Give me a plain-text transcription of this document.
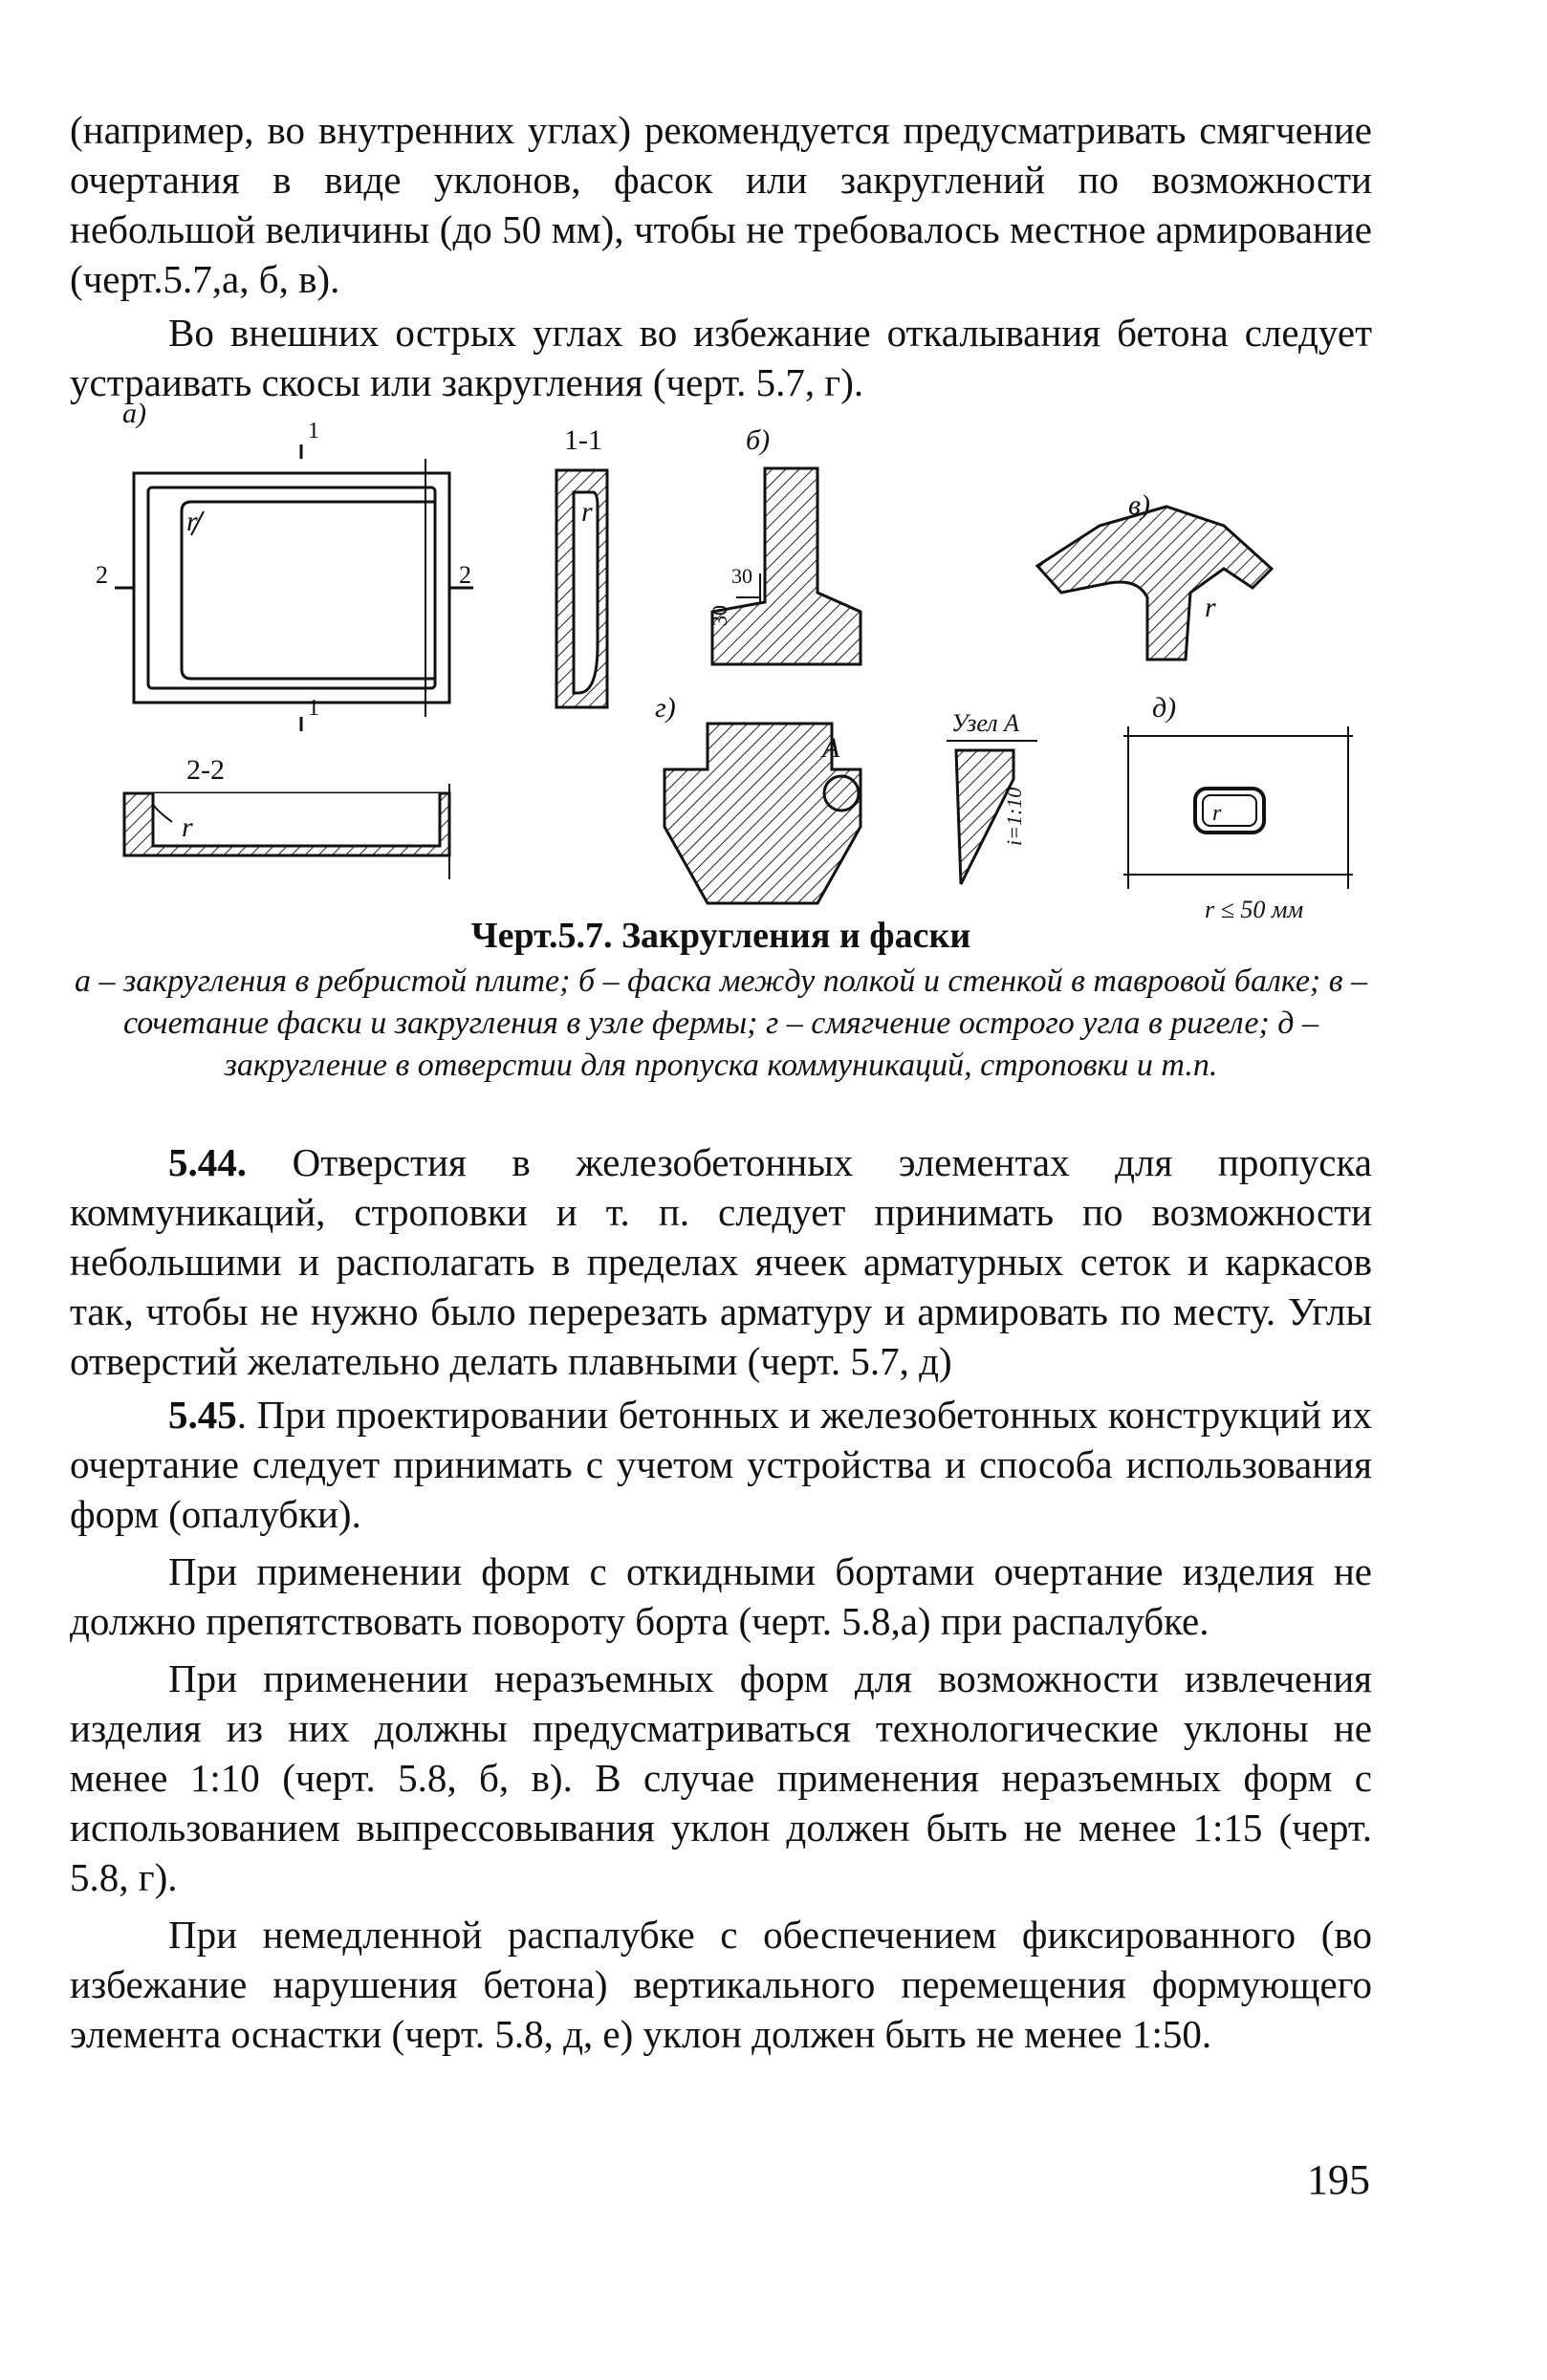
(например, во внутренних углах) рекомендуется предусматривать смягчение очертания в виде уклонов, фасок или закруглений по возможности небольшой величины (до 50 мм), чтобы не требовалось местное армирование (черт.5.7,а, б, в).

Во внешних острых углах во избежание откалывания бетона следует устраивать скосы или закругления (черт. 5.7, г).

а)
б)
в)
г)	д)
1-1
2-2
1
1
2	2
r
r
r
r
r
30
30
А
Узел А
i=1:10
r ≤ 50 мм
Черт.5.7. Закругления и фаски
а – закругления в ребристой плите; б – фаска между полкой и стенкой в тавровой балке; в – сочетание фаски и закругления в узле фермы; г – смягчение острого угла в ригеле; д – закругление в отверстии для пропуска коммуникаций, строповки и т.п.

5.44. Отверстия в железобетонных элементах для пропуска коммуникаций, строповки и т. п. следует принимать по возможности небольшими и располагать в пределах ячеек арматурных сеток и каркасов так, чтобы не нужно было перерезать арматуру и армировать по месту. Углы отверстий желательно делать плавными (черт. 5.7, д)

5.45. При проектировании бетонных и железобетонных конструкций их очертание следует принимать с учетом устройства и способа использования форм (опалубки).

При применении форм с откидными бортами очертание изделия не должно препятствовать повороту борта (черт. 5.8,а) при распалубке.

При применении неразъемных форм для возможности извлечения изделия из них должны предусматриваться технологические уклоны не менее 1:10 (черт. 5.8, б, в). В случае применения неразъемных форм с использованием выпрессовывания уклон должен быть не менее 1:15 (черт. 5.8, г).

При немедленной распалубке с обеспечением фиксированного (во избежание нарушения бетона) вертикального перемещения формующего элемента оснастки (черт. 5.8, д, е) уклон должен быть не менее 1:50.

195
